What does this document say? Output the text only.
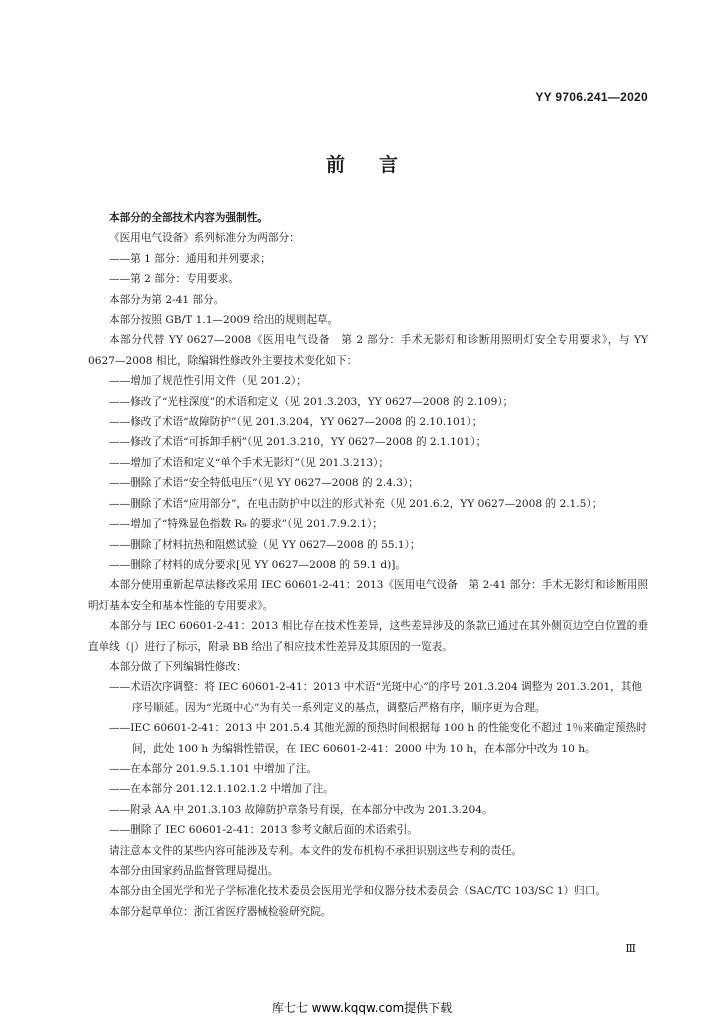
YY 9706.241—2020
前言

本部分的全部技术内容为强制性。

《医用电气设备》系列标准分为两部分：

——第 1 部分：通用和并列要求；

——第 2 部分：专用要求。

本部分为第 2-41 部分。

本部分按照 GB/T 1.1—2009 给出的规则起草。

本部分代替 YY 0627—2008《医用电气设备　第 2 部分：手术无影灯和诊断用照明灯安全专用要求》，与 YY 0627—2008 相比，除编辑性修改外主要技术变化如下：

——增加了规范性引用文件（见 201.2）；

——修改了“光柱深度”的术语和定义（见 201.3.203，YY 0627—2008 的 2.109）；

——修改了术语“故障防护”（见 201.3.204，YY 0627—2008 的 2.10.101）；

——修改了术语“可拆卸手柄”（见 201.3.210，YY 0627—2008 的 2.1.101）；

——增加了术语和定义“单个手术无影灯”（见 201.3.213）；

——删除了术语“安全特低电压”（见 YY 0627—2008 的 2.4.3）；

——删除了术语“应用部分”，在电击防护中以注的形式补充（见 201.6.2，YY 0627—2008 的 2.1.5）；

——增加了“特殊显色指数 R₉ 的要求”（见 201.7.9.2.1）；

——删除了材料抗热和阻燃试验（见 YY 0627—2008 的 55.1）；

——删除了材料的成分要求[见 YY 0627—2008 的 59.1 d)]。

本部分使用重新起草法修改采用 IEC 60601-2-41：2013《医用电气设备　第 2-41 部分：手术无影灯和诊断用照明灯基本安全和基本性能的专用要求》。

本部分与 IEC 60601-2-41：2013 相比存在技术性差异，这些差异涉及的条款已通过在其外侧页边空白位置的垂直单线（|）进行了标示，附录 BB 给出了相应技术性差异及其原因的一览表。

本部分做了下列编辑性修改：

——术语次序调整：将 IEC 60601-2-41：2013 中术语“光斑中心”的序号 201.3.204 调整为 201.3.201，其他序号顺延。因为“光斑中心”为有关一系列定义的基点，调整后严格有序，顺序更为合理。

——IEC 60601-2-41：2013 中 201.5.4 其他光源的预热时间根据每 100 h 的性能变化不超过 1％来确定预热时间，此处 100 h 为编辑性错误，在 IEC 60601-2-41：2000 中为 10 h，在本部分中改为 10 h。

——在本部分 201.9.5.1.101 中增加了注。

——在本部分 201.12.1.102.1.2 中增加了注。

——附录 AA 中 201.3.103 故障防护章条号有误，在本部分中改为 201.3.204。

——删除了 IEC 60601-2-41：2013 参考文献后面的术语索引。

请注意本文件的某些内容可能涉及专利。本文件的发布机构不承担识别这些专利的责任。

本部分由国家药品监督管理局提出。

本部分由全国光学和光子学标准化技术委员会医用光学和仪器分技术委员会（SAC/TC 103/SC 1）归口。

本部分起草单位：浙江省医疗器械检验研究院。

Ⅲ
库七七 www.kqqw.com提供下载
